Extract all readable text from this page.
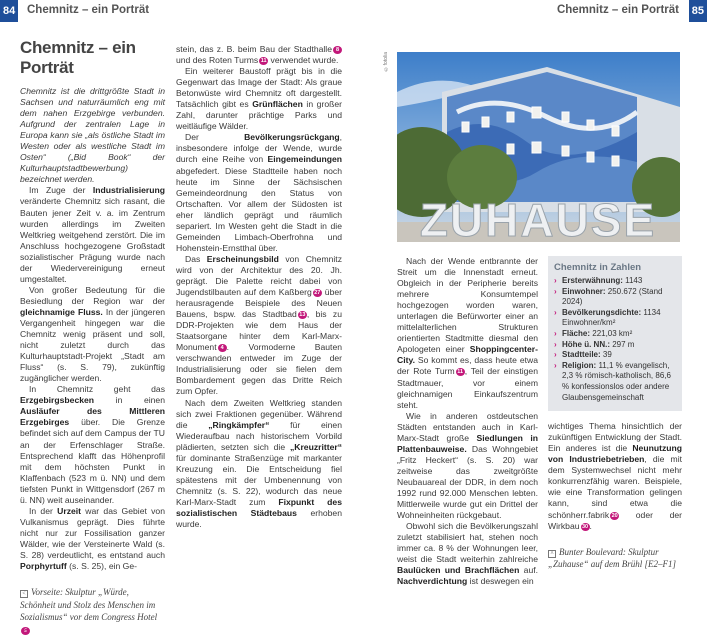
84 Chemnitz – ein Porträt	Chemnitz – ein Porträt 85
Chemnitz – ein Porträt

Chemnitz ist die drittgrößte Stadt in Sachsen und naturräumlich eng mit dem nahen Erzgebirge verbunden. Aufgrund der zentralen Lage in Europa kann sie „als östliche Stadt im Westen oder als westliche Stadt im Osten“ („Bid Book“ der Kulturhauptstadtbewerbung) bezeichnet werden.

Im Zuge der Industrialisierung veränderte Chemnitz sich rasant, die Bauten jener Zeit v. a. im Zentrum wurden allerdings im Zweiten Weltkrieg weitgehend zerstört. Die im Anschluss hochgezogene Großstadt sozialistischer Prägung wurde nach der Wiedervereinigung erneut umgestaltet.

Von großer Bedeutung für die Besiedlung der Region war der gleichnamige Fluss. In der jüngeren Vergangenheit hingegen war die Chemnitz wenig präsent und soll, nicht zuletzt durch das Kulturhauptstadt-Projekt „Stadt am Fluss“ (s. S. 79), zukünftig zugänglicher werden.

In Chemnitz geht das Erzgebirgsbecken in einen Ausläufer des Mittleren Erzgebirges über. Die Grenze befindet sich auf dem Campus der TU an der Erfenschlager Straße. Entsprechend klafft das Höhenprofil mit dem höchsten Punkt in Klaffenbach (523 m ü. NN) und dem tiefsten Punkt in Wittgensdorf (267 m ü. NN) weit auseinander.

In der Urzeit war das Gebiet von Vulkanismus geprägt. Dies führte nicht nur zur Fossilisation ganzer Wälder, wie der Versteinerte Wald (s. S. 28) verdeutlicht, es entstand auch Porphyrtuff (s. S. 25), ein Ge-

< Vorseite: Skulptur „Würde, Schönheit und Stolz des Menschen im Sozialismus“ vor dem Congress Hotel5

stein, das z. B. beim Bau der Stadthalle 8 und des Roten Turms 11 verwendet wurde.

Ein weiterer Baustoff prägt bis in die Gegenwart das Image der Stadt: Als graue Betonwüste wird Chemnitz oft dargestellt. Tatsächlich gibt es Grünflächen in großer Zahl, darunter prächtige Parks und weitläufige Wälder.

Der Bevölkerungsrückgang, insbesondere infolge der Wende, wurde durch eine Reihe von Eingemeindungen abgefedert. Diese Stadtteile haben noch heute im Sinne der Sächsischen Gemeindeordnung den Status von Ortschaften. Vor allem der Südosten ist eher ländlich geprägt und räumlich separiert. Im Westen geht die Stadt in die Gemeinden Limbach-Oberfrohna und Hohenstein-Ernstthal über.

Das Erscheinungsbild von Chemnitz wird von der Architektur des 20. Jh. geprägt. Die Palette reicht dabei von Jugendstilbauten auf dem Kaßberg 27 über herausragende Beispiele des Neuen Bauens, bspw. das Stadtbad 13, bis zu DDR-Projekten wie dem Haus der Staatsorgane hinter dem Karl-Marx-Monument 4 . Vormoderne Bauten verschwanden entweder im Zuge der Industrialisierung oder sie fielen dem Bombardement gegen das Dritte Reich zum Opfer.

Nach dem Zweiten Weltkrieg standen sich zwei Fraktionen gegenüber. Während die „Ringkämpfer“ für einen Wiederaufbau nach historischem Vorbild plädierten, setzten sich die „Kreuzritter“ für dominante Straßenzüge mit markanter Kreuzung ein. Die Entscheidung fiel spätestens mit der Umbenennung von Chemnitz (s. S. 22), wodurch das neue Karl-Marx-Stadt zum Fixpunkt des sozialistischen Städtebaus erhoben wurde.

©fotolia
ZUHAUSE

Nach der Wende entbrannte der Streit um die Innenstadt erneut. Obgleich in der Peripherie bereits mehrere Konsumtempel hochgezogen worden waren, unterlagen die Befürworter einer an mittelalterlichen Strukturen orientierten Stadtmitte diesmal den Apologeten einer Shoppingcenter-City. So kommt es, dass heute etwa der Rote Turm 11 , Teil der einstigen Stadtmauer, vor einem gleichnamigen Einkaufszentrum steht.

Wie in anderen ostdeutschen Städten entstanden auch in Karl-Marx-Stadt große Siedlungen in Plattenbauweise. Das Wohngebiet „Fritz Heckert“ (s. S. 20) war zeitweise das zweitgrößte Neubauareal der DDR, in dem noch 1992 rund 92.000 Menschen lebten. Mittlerweile wurde gut ein Drittel der Wohneinheiten rückgebaut.

Obwohl sich die Bevölkerungszahl zuletzt stabilisiert hat, stehen noch immer ca. 8 % der Wohnungen leer, weist die Stadt weiterhin zahlreiche Baulücken und Brachflächen auf. Nachverdichtung ist deswegen ein

Chemnitz in Zahlen
› Ersterwähnung: 1143
› Einwohner: 250.672 (Stand 2024)
› Bevölkerungsdichte: 1134 Einwohner/km²
› Fläche: 221,03 km²
› Höhe ü. NN.: 297 m
› Stadtteile: 39
› Religion: 11,1 % evangelisch, 2,3 % römisch-katholisch, 86,6 % konfessionslos oder andere Glaubensgemeinschaft

wichtiges Thema hinsichtlich der zukünftigen Entwicklung der Stadt. Ein anderes ist die Neunutzung von Industriebetrieben, die mit dem Systemwechsel nicht mehr konkurrenzfähig waren. Beispiele, wie eine Transformation gelingen kann, sind etwa die schönherr.fabrik 20 oder der Wirkbau 30.

^ Bunter Boulevard: Skulptur „Zuhause“ auf dem Brühl [E2–F1]
